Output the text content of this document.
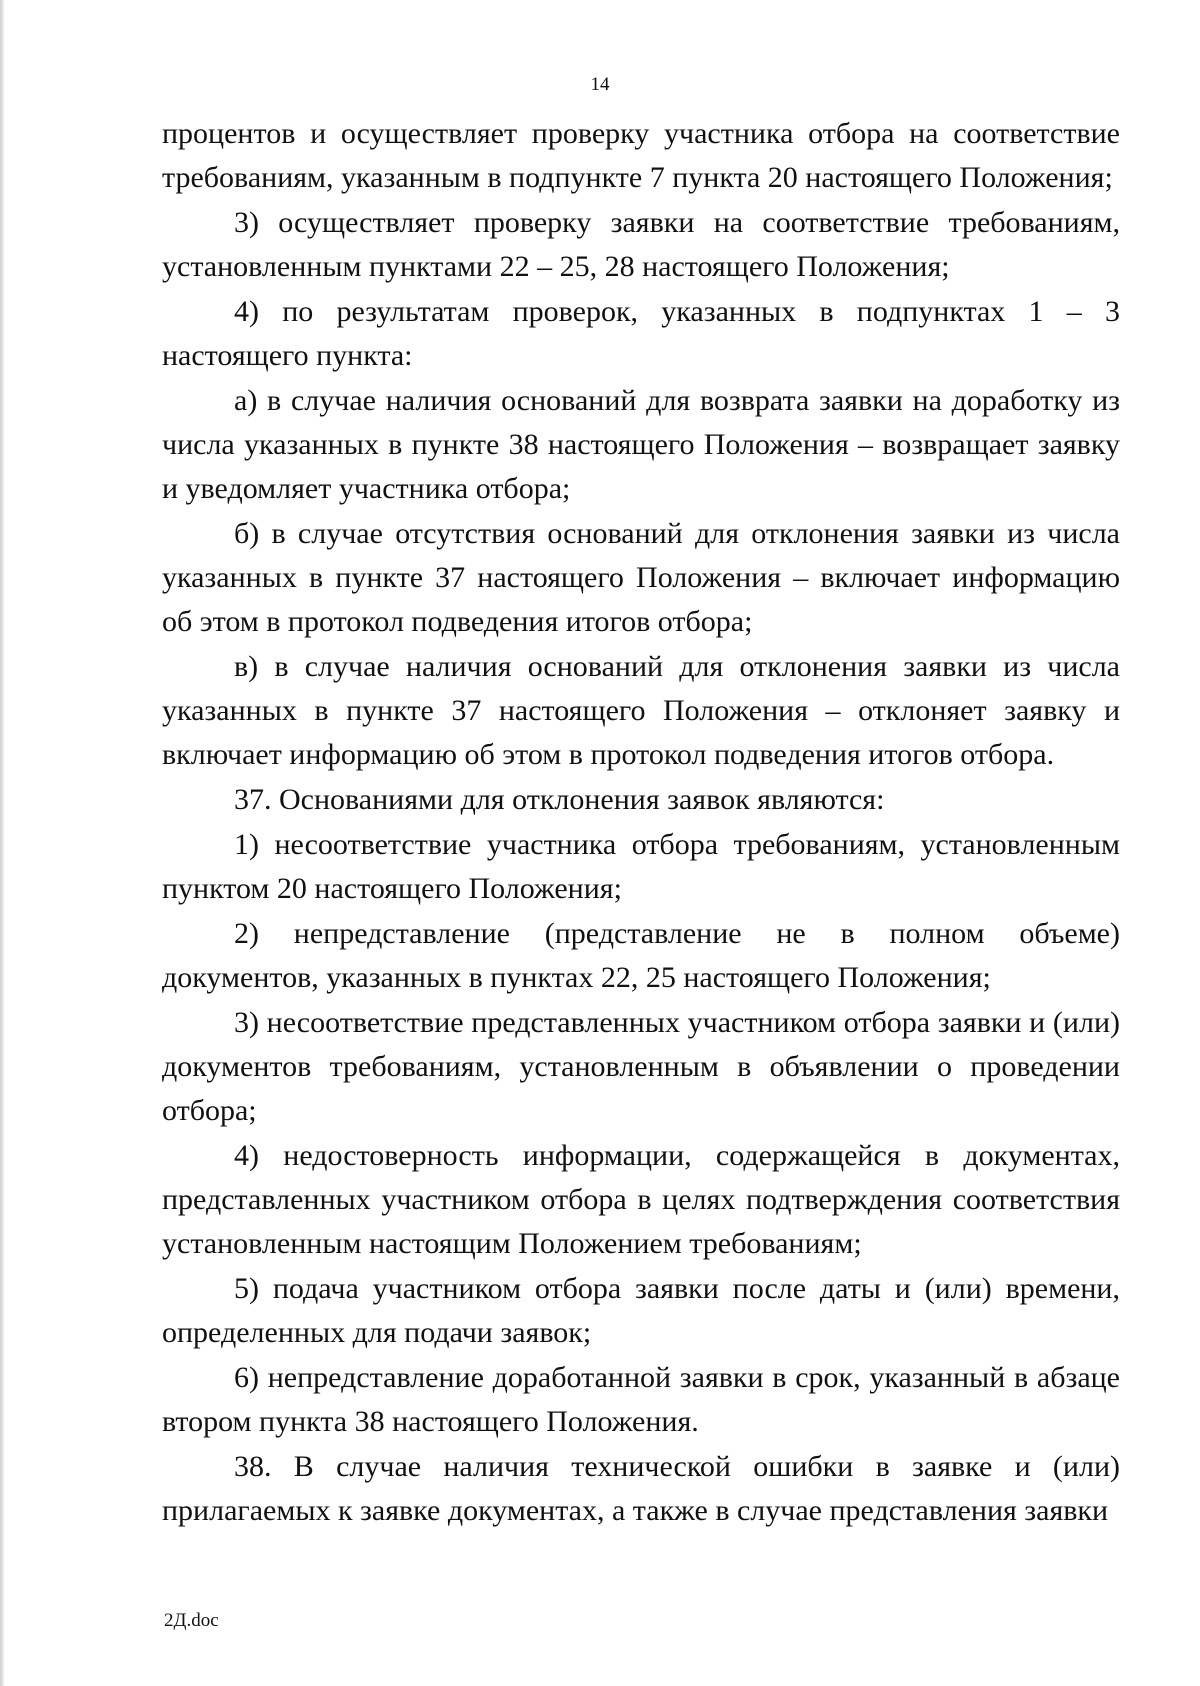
14

процентов и осуществляет проверку участника отбора на соответствие требованиям, указанным в подпункте 7 пункта 20 настоящего Положения;

3) осуществляет проверку заявки на соответствие требованиям, установленным пунктами 22 – 25, 28 настоящего Положения;

4) по результатам проверок, указанных в подпунктах 1 – 3 настоящего пункта:

а) в случае наличия оснований для возврата заявки на доработку из числа указанных в пункте 38 настоящего Положения – возвращает заявку и уведомляет участника отбора;

б) в случае отсутствия оснований для отклонения заявки из числа указанных в пункте 37 настоящего Положения – включает информацию об этом в протокол подведения итогов отбора;

в) в случае наличия оснований для отклонения заявки из числа указанных в пункте 37 настоящего Положения – отклоняет заявку и включает информацию об этом в протокол подведения итогов отбора.

37. Основаниями для отклонения заявок являются:

1) несоответствие участника отбора требованиям, установленным пунктом 20 настоящего Положения;

2) непредставление (представление не в полном объеме) документов, указанных в пунктах 22, 25 настоящего Положения;

3) несоответствие представленных участником отбора заявки и (или) документов требованиям, установленным в объявлении о проведении отбора;

4) недостоверность информации, содержащейся в документах, представленных участником отбора в целях подтверждения соответствия установленным настоящим Положением требованиям;

5) подача участником отбора заявки после даты и (или) времени, определенных для подачи заявок;

6) непредставление доработанной заявки в срок, указанный в абзаце втором пункта 38 настоящего Положения.

38. В случае наличия технической ошибки в заявке и (или) прилагаемых к заявке документах, а также в случае представления заявки

2Д.doc
